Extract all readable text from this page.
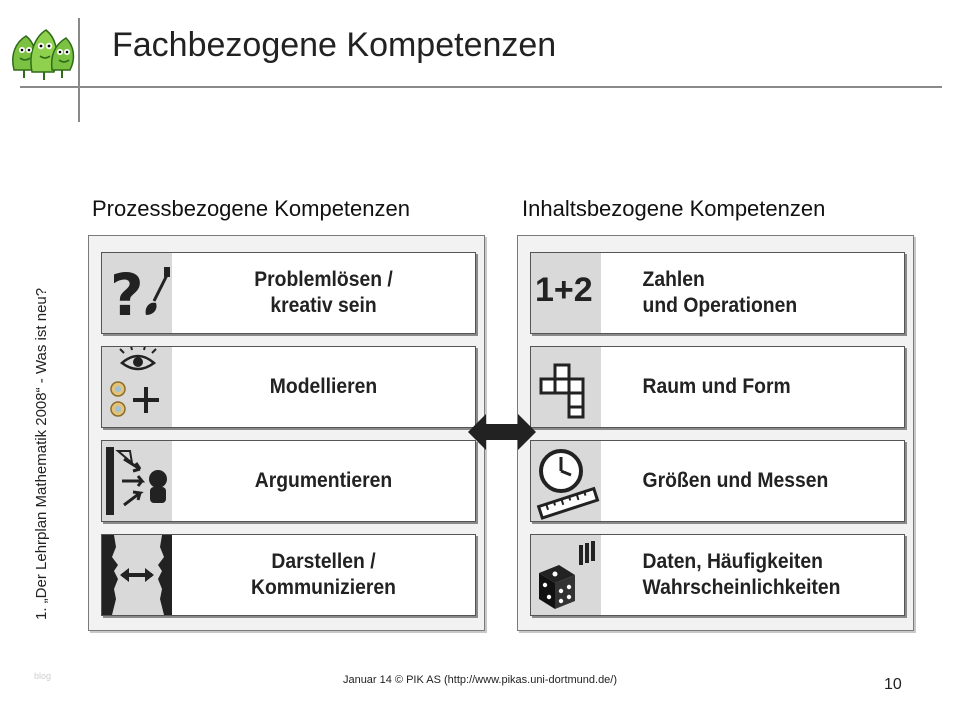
Fachbezogene Kompetenzen
1. „Der Lehrplan Mathematik 2008“ - Was ist neu?
Prozessbezogene Kompetenzen	Inhaltsbezogene Kompetenzen
?	Problemlösen /
kreativ sein
Modellieren
Argumentieren
Darstellen /
Kommunizieren
1+2	Zahlen
und Operationen
Raum und Form
Größen und Messen
Daten, Häufigkeiten
Wahrscheinlichkeiten
blog	Januar 14 © PIK AS (http://www.pikas.uni-dortmund.de/)	10
